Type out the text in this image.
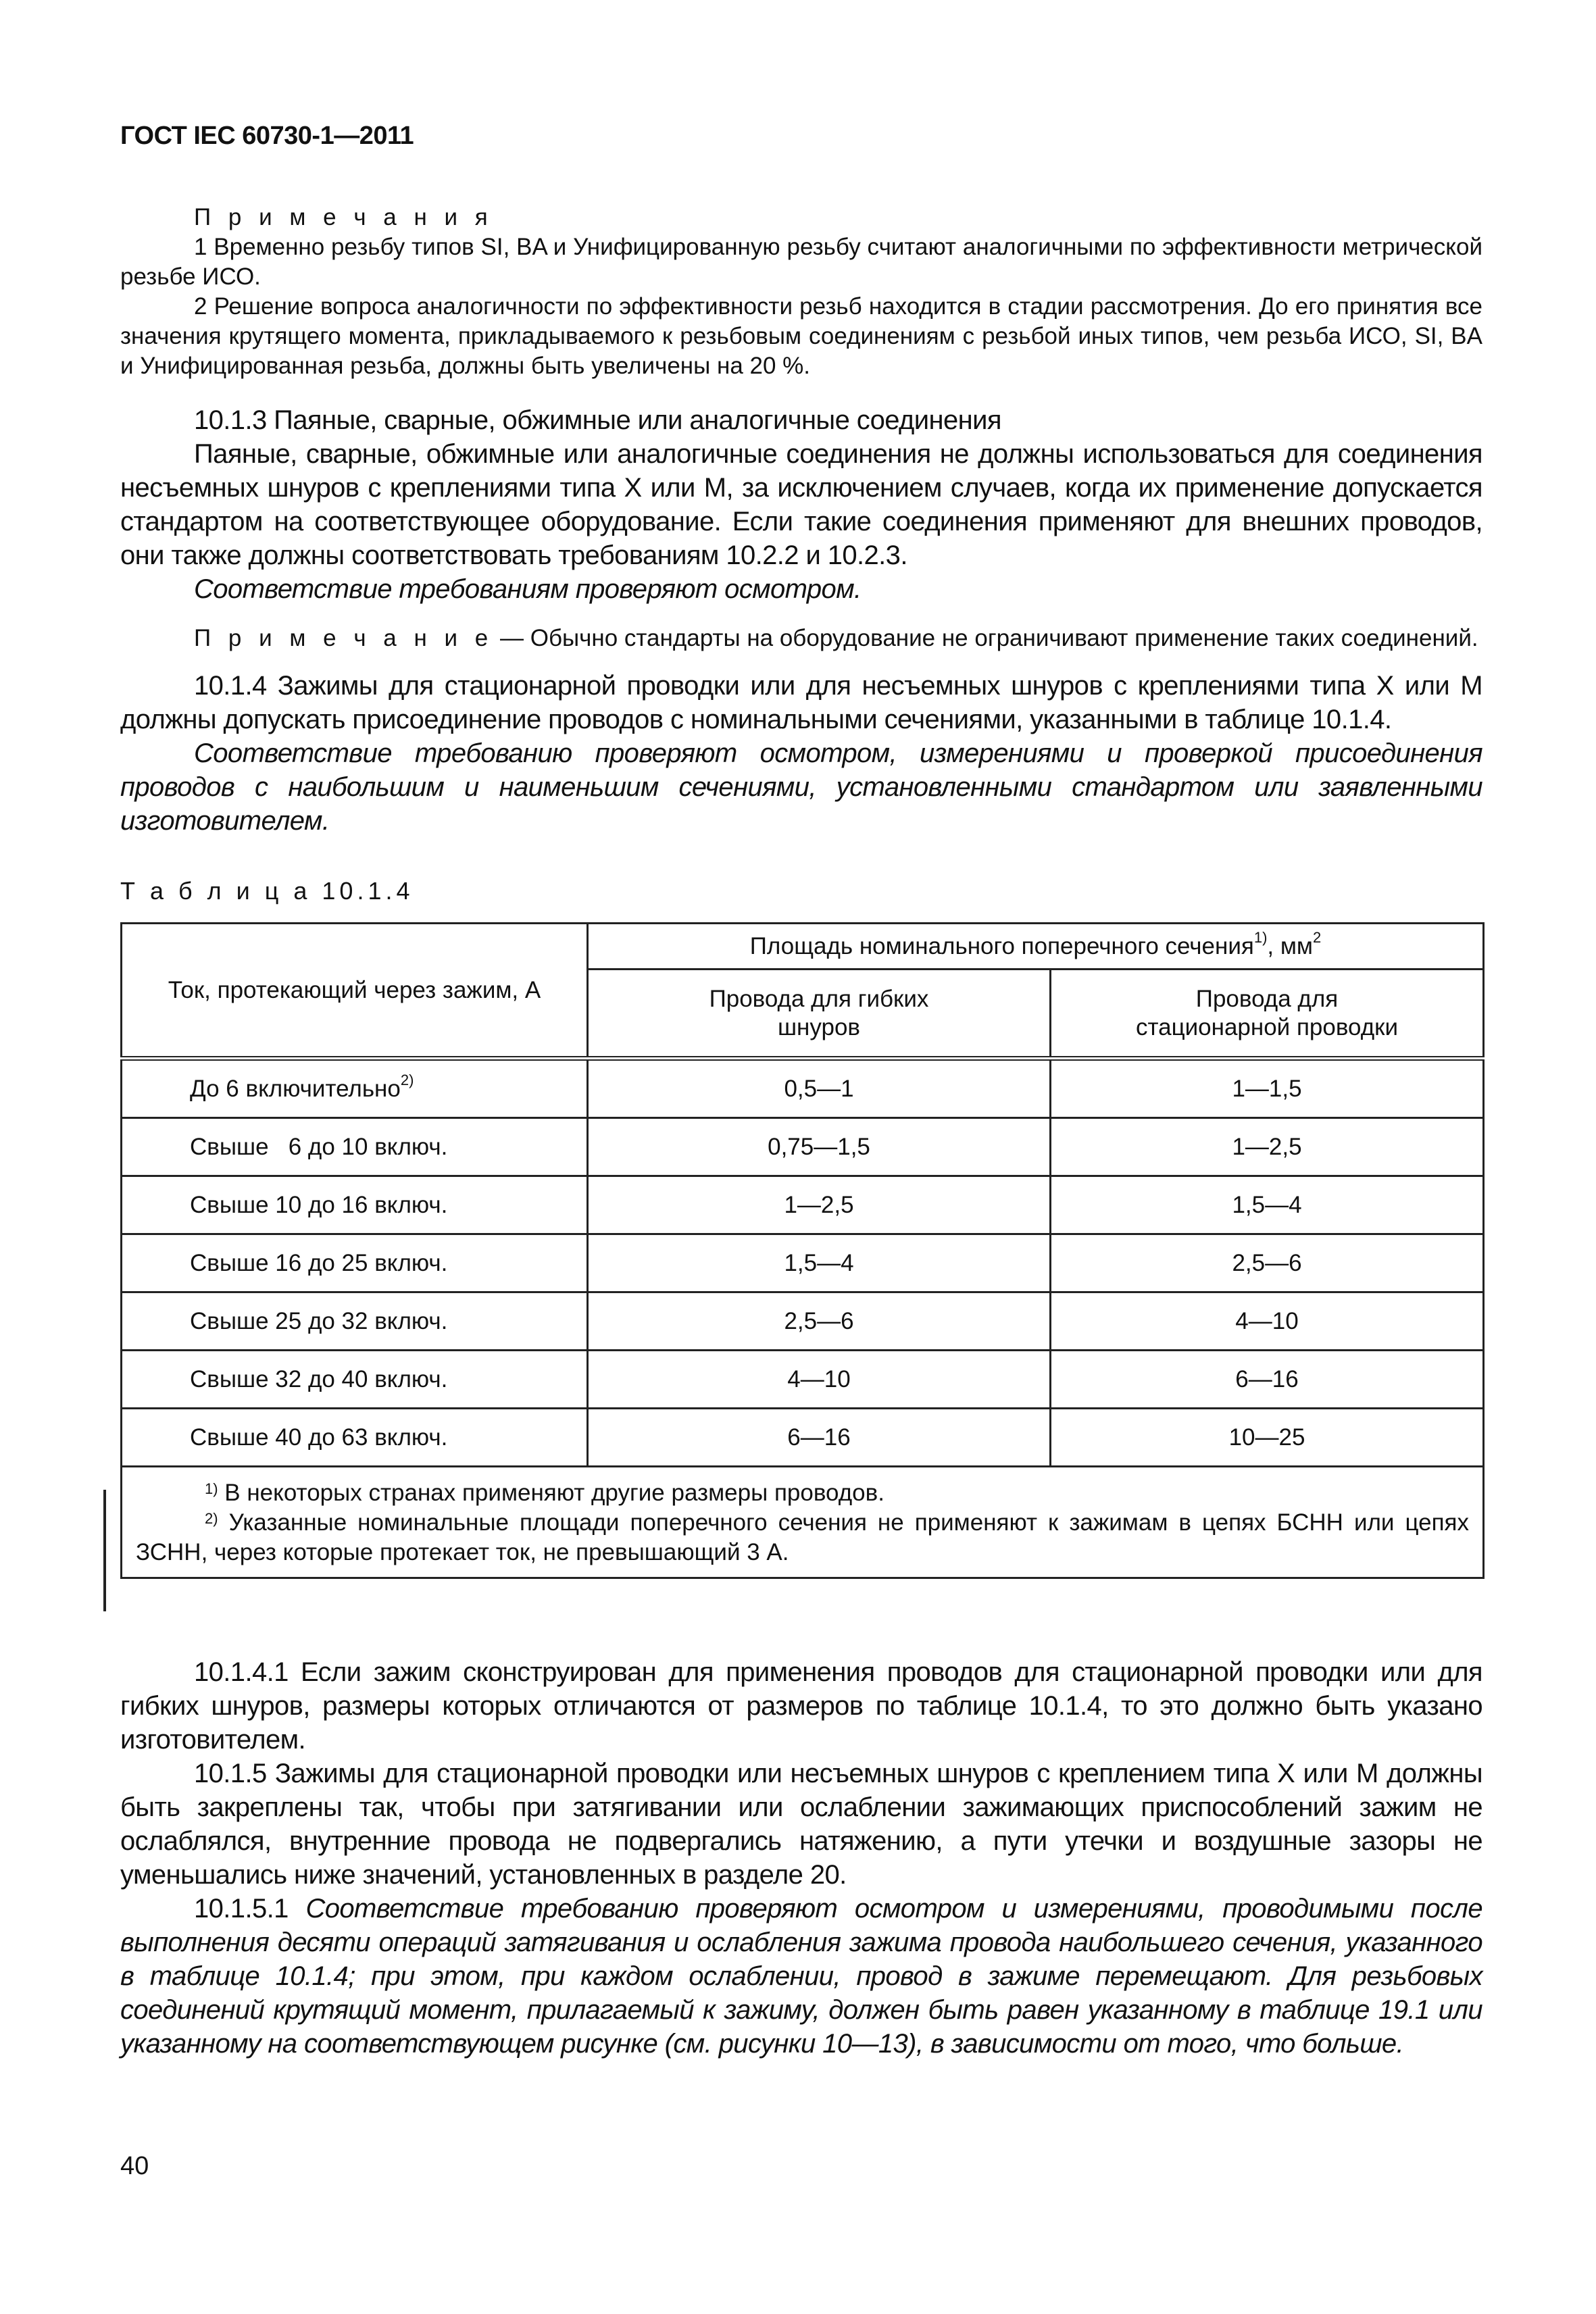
ГОСТ IEC 60730-1—2011

П р и м е ч а н и я

1 Временно резьбу типов SI, BA и Унифицированную резьбу считают аналогичными по эффективности метрической резьбе ИСО.

2 Решение вопроса аналогичности по эффективности резьб находится в стадии рассмотрения. До его принятия все значения крутящего момента, прикладываемого к резьбовым соединениям с резьбой иных типов, чем резьба ИСО, SI, BA и Унифицированная резьба, должны быть увеличены на 20 %.

10.1.3 Паяные, сварные, обжимные или аналогичные соединения

Паяные, сварные, обжимные или аналогичные соединения не должны использоваться для соединения несъемных шнуров с креплениями типа X или M, за исключением случаев, когда их применение допускается стандартом на соответствующее оборудование. Если такие соединения применяют для внешних проводов, они также должны соответствовать требованиям 10.2.2 и 10.2.3.

Соответствие требованиям проверяют осмотром.

П р и м е ч а н и е — Обычно стандарты на оборудование не ограничивают применение таких соединений.

10.1.4 Зажимы для стационарной проводки или для несъемных шнуров с креплениями типа X или M должны допускать присоединение проводов с номинальными сечениями, указанными в таблице 10.1.4.

Соответствие требованию проверяют осмотром, измерениями и проверкой присоединения проводов с наибольшим и наименьшим сечениями, установленными стандартом или заявленными изготовителем.

Т а б л и ц а 10.1.4
Ток, протекающий через зажим, А	Площадь номинального поперечного сечения$^{1)}$, $мм^2$

	Провода для гибких шнуров	Провода для стационарной проводки

До 6 включительно$^{2)}$	0,5—1	1—1,5
Свыше   6 до 10 включ.	0,75—1,5	1—2,5
Свыше 10 до 16 включ.	1—2,5	1,5—4
Свыше 16 до 25 включ.	1,5—4	2,5—6
Свыше 25 до 32 включ.	2,5—6	4—10
Свыше 32 до 40 включ.	4—10	6—16
Свыше 40 до 63 включ.	6—16	10—25

$^{1)}$ В некоторых странах применяют другие размеры проводов.

$^{2)}$ Указанные номинальные площади поперечного сечения не применяют к зажимам в цепях БСНН или цепях ЗСНН, через которые протекает ток, не превышающий 3 А.		

10.1.4.1 Если зажим сконструирован для применения проводов для стационарной проводки или для гибких шнуров, размеры которых отличаются от размеров по таблице 10.1.4, то это должно быть указано изготовителем.

10.1.5 Зажимы для стационарной проводки или несъемных шнуров с креплением типа X или M должны быть закреплены так, чтобы при затягивании или ослаблении зажимающих приспособлений зажим не ослаблялся, внутренние провода не подвергались натяжению, а пути утечки и воздушные зазоры не уменьшались ниже значений, установленных в разделе 20.

10.1.5.1 Соответствие требованию проверяют осмотром и измерениями, проводимыми после выполнения десяти операций затягивания и ослабления зажима провода наибольшего сечения, указанного в таблице 10.1.4; при этом, при каждом ослаблении, провод в зажиме перемещают. Для резьбовых соединений крутящий момент, прилагаемый к зажиму, должен быть равен указанному в таблице 19.1 или указанному на соответствующем рисунке (см. рисунки 10—13), в зависимости от того, что больше.

40
